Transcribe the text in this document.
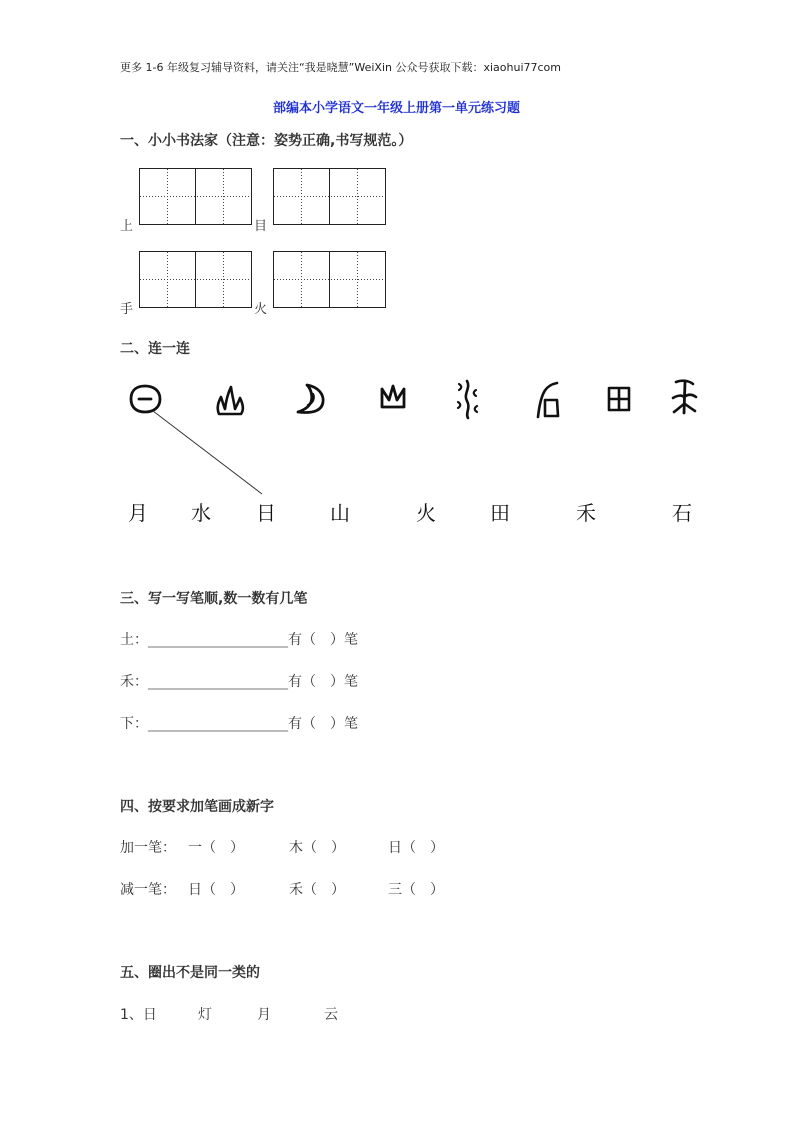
更多 1-6 年级复习辅导资料，请关注“我是晓慧”WeiXin 公众号获取下载：xiaohui77com
部编本小学语文一年级上册第一单元练习题
一、小小书法家（注意：姿势正确,书写规范。）
上	目
手	火
二、连一连
月 水 日	山	火	田	禾	石
三、写一写笔顺,数一数有几笔
土：____________________有（　）笔
禾：____________________有（　）笔
下：____________________有（　）笔
四、按要求加笔画成新字
加一笔： 一（　）	木（　）	日（　）
减一笔： 日（　）	禾（　）	三（　）
五、圈出不是同一类的
1、日	灯	月	云
